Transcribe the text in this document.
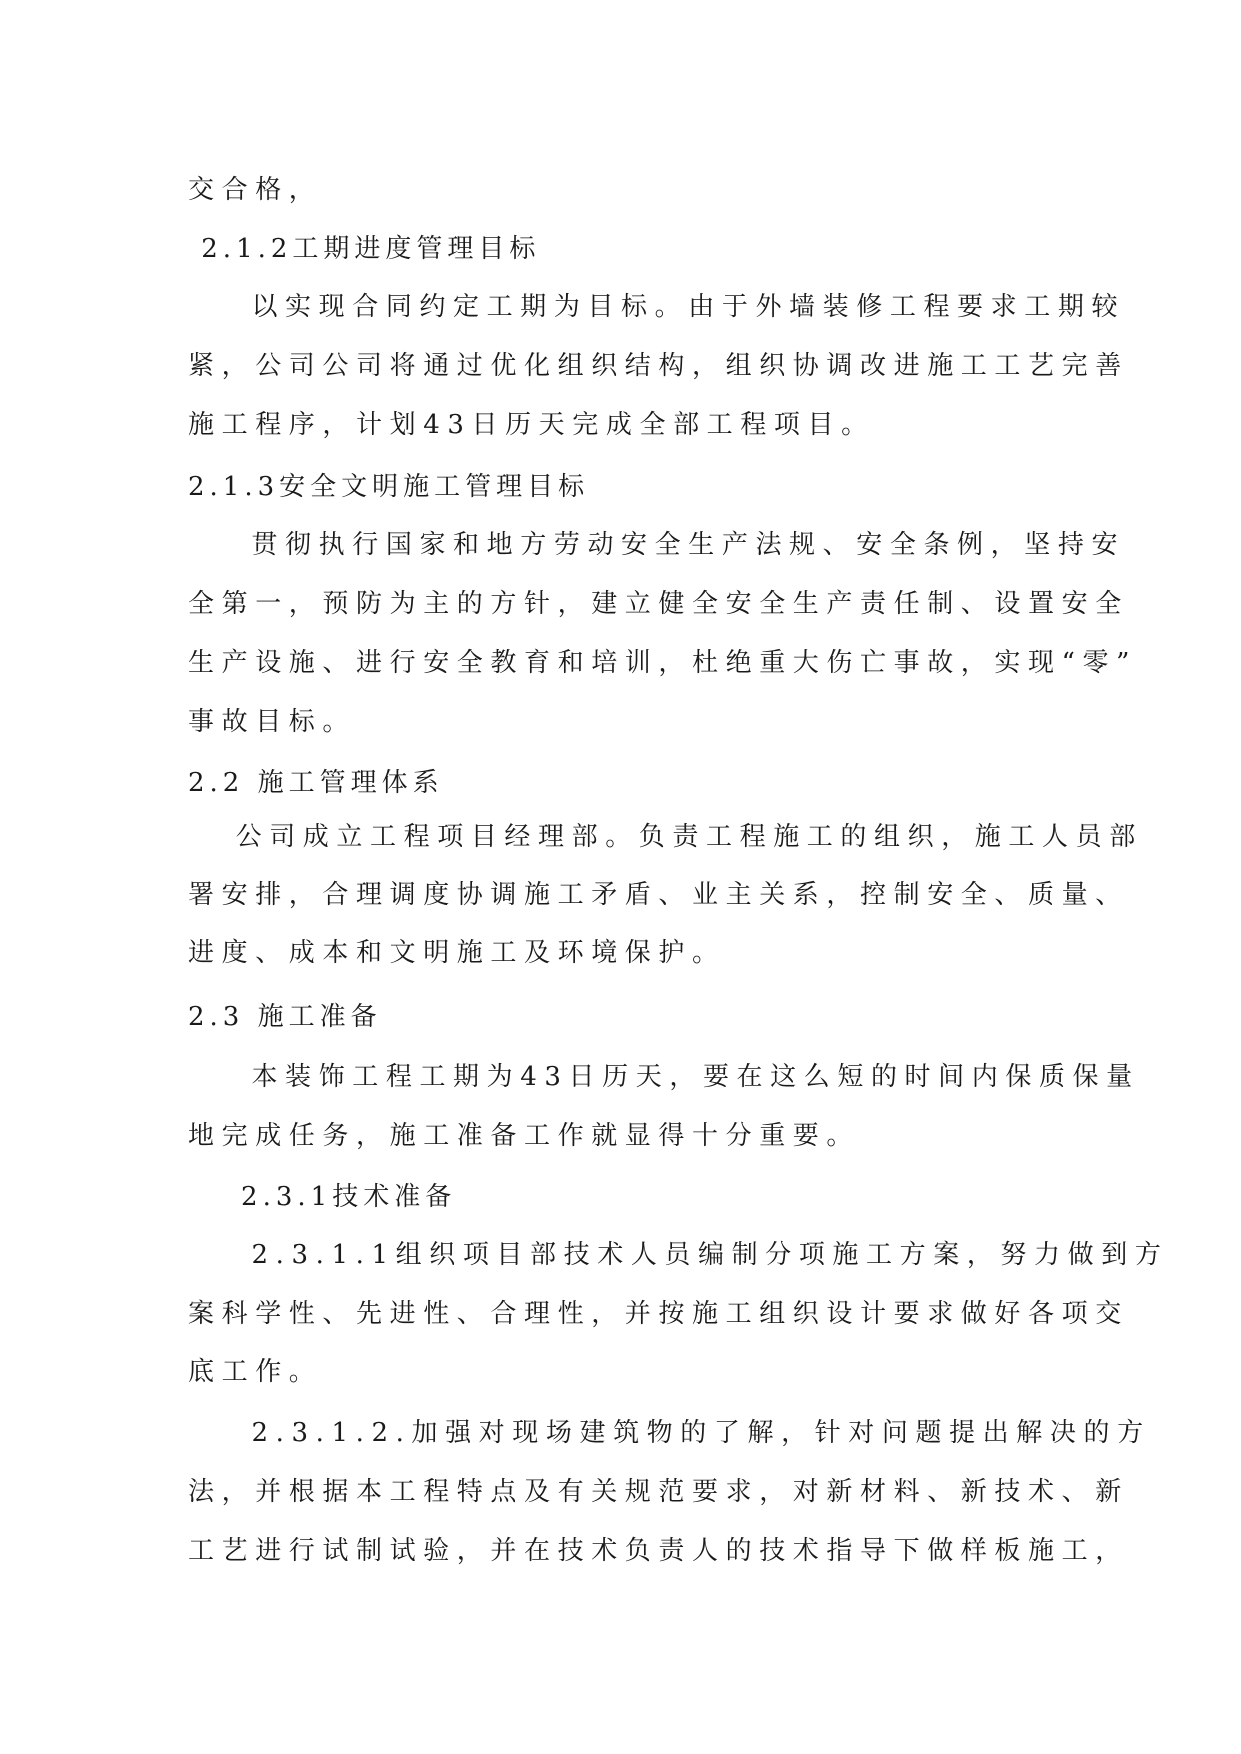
交合格，
2.1.2工期进度管理目标
以实现合同约定工期为目标。由于外墙装修工程要求工期较
紧，公司公司将通过优化组织结构，组织协调改进施工工艺完善
施工程序，计划43日历天完成全部工程项目。
2.1.3安全文明施工管理目标
贯彻执行国家和地方劳动安全生产法规、安全条例，坚持安
全第一，预防为主的方针，建立健全安全生产责任制、设置安全
生产设施、进行安全教育和培训，杜绝重大伤亡事故，实现“零”
事故目标。
2.2 施工管理体系
公司成立工程项目经理部。负责工程施工的组织，施工人员部
署安排，合理调度协调施工矛盾、业主关系，控制安全、质量、
进度、成本和文明施工及环境保护。
2.3 施工准备
本装饰工程工期为43日历天，要在这么短的时间内保质保量
地完成任务，施工准备工作就显得十分重要。
2.3.1技术准备
2.3.1.1组织项目部技术人员编制分项施工方案，努力做到方
案科学性、先进性、合理性，并按施工组织设计要求做好各项交
底工作。
2.3.1.2.加强对现场建筑物的了解，针对问题提出解决的方
法，并根据本工程特点及有关规范要求，对新材料、新技术、新
工艺进行试制试验，并在技术负责人的技术指导下做样板施工，
